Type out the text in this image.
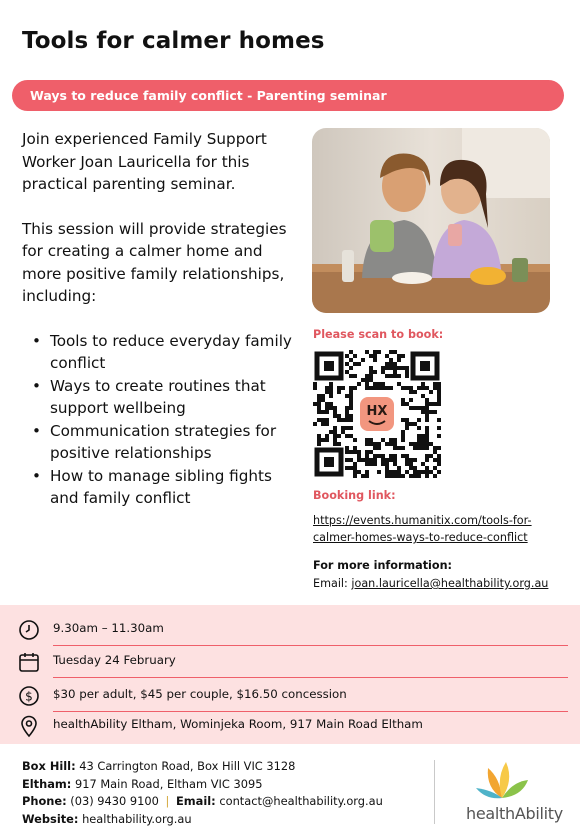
Tools for calmer homes
Ways to reduce family conflict - Parenting seminar

Join experienced Family Support Worker Joan Lauricella for this practical parenting seminar.

This session will provide strategies for creating a calmer home and more positive family relationships, including:

• Tools to reduce everyday family conflict
• Ways to create routines that support wellbeing
• Communication strategies for positive relationships
• How to manage sibling fights and family conflict
Please scan to book:
HX
Booking link:
https://events.humanitix.com/tools-for-calmer-homes-ways-to-reduce-conflict
For more information:
Email: joan.lauricella@healthability.org.au
9.30am – 11.30am
Tuesday 24 February
$ $30 per adult, $45 per couple, $16.50 concession
healthAbility Eltham, Wominjeka Room, 917 Main Road Eltham
Box Hill: 43 Carrington Road, Box Hill VIC 3128
Eltham: 917 Main Road, Eltham VIC 3095
Phone: (03) 9430 9100 | Email: contact@healthability.org.au
Website: healthability.org.au	healthAbility
